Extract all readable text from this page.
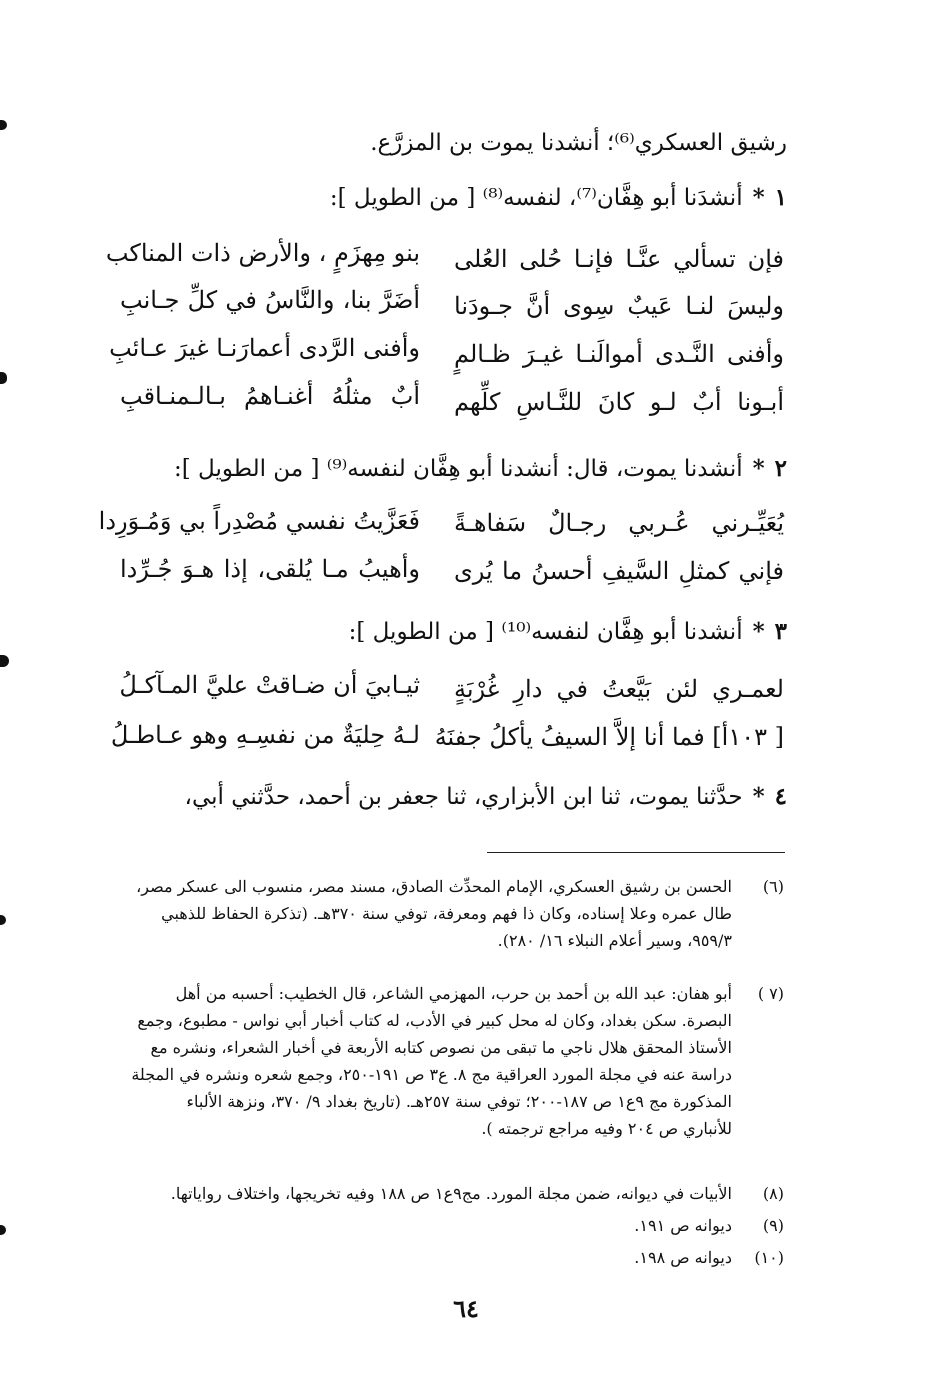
رشيق العسكري⁽⁶⁾؛ أنشدنا يموت بن المزرَّع.
١*أنشدَنا أبو هِفَّان⁽⁷⁾، لنفسه⁽⁸⁾ [ من الطويل ]:
فإن تسألي عنَّـا فإنـا حُلى العُلى
بنو مِهزَمٍ ، والأرض ذات المناكب
وليسَ لنـا عَيبٌ سِوى أنَّ جـودَنا
أضَرَّ بنا، والنَّاسُ في كلِّ جـانبِ
وأفنى النَّـدى أموالَنـا غيـرَ ظـالمٍ
وأفنى الرَّدى أعمارَنـا غيرَ عـائبِ
أبـونا أبٌ لـو كانَ للنَّـاسِ كلِّهم
أبٌ مثلُهُ أغنـاهمُ بـالـمنـاقبِ
٢*أنشدنا يموت، قال: أنشدنا أبو هِفَّان لنفسه⁽⁹⁾ [ من الطويل ]:
يُعَيِّـرني عُـربي رجـالٌ سَفاهـةً
فَعَزَّيتُ نفسي مُصْدِراً بي وَمُـوَرِدا
فإني كمثلِ السَّيفِ أحسنُ ما يُرى
وأهيبُ مـا يُلقى، إذا هـوَ جُـرِّدا
٣*أنشدنا أبو هِفَّان لنفسه⁽¹⁰⁾ [ من الطويل ]:
لعمـري لئن بَيَّعتُ في دارِ غُرْبَةٍ
ثيـابيَ أن ضـاقتْ عليَّ المـآكـلُ
[ ١٠٣أ] فما أنا إلاَّ السيفُ يأكلُ جفنَهُ
لـهُ حِليَةٌ من نفسِـهِ وهو عـاطـلُ
٤*حدَّثنا يموت، ثنا ابن الأبزاري، ثنا جعفر بن أحمد، حدَّثني أبي،
(٦)
الحسن بن رشيق العسكري، الإمام المحدِّث الصادق، مسند مصر، منسوب الى عسكر مصر،
طال عمره وعلا إسناده، وكان ذا فهم ومعرفة، توفي سنة ٣٧٠هـ. (تذكرة الحفاظ للذهبي
٩٥٩/٣، وسير أعلام النبلاء ١٦/ ٢٨٠).
(٧ )
أبو هفان: عبد الله بن أحمد بن حرب، المهزمي الشاعر، قال الخطيب: أحسبه من أهل
البصرة. سكن بغداد، وكان له محل كبير في الأدب، له كتاب أخبار أبي نواس - مطبوع، وجمع
الأستاذ المحقق هلال ناجي ما تبقى من نصوص كتابه الأربعة في أخبار الشعراء، ونشره مع
دراسة عنه في مجلة المورد العراقية مج ٨. ع٣ ص ١٩١-٢٥٠، وجمع شعره ونشره في المجلة
المذكورة مج ٩ع١ ص ١٨٧-٢٠٠؛ توفي سنة ٢٥٧هـ. (تاريخ بغداد ٩/ ٣٧٠، ونزهة الألباء
للأنباري ص ٢٠٤ وفيه مراجع ترجمته ).
(٨)
الأبيات في ديوانه، ضمن مجلة المورد. مج٩ع١ ص ١٨٨ وفيه تخريجها، واختلاف رواياتها.
(٩)
ديوانه ص ١٩١.
(١٠)
ديوانه ص ١٩٨.
٦٤
